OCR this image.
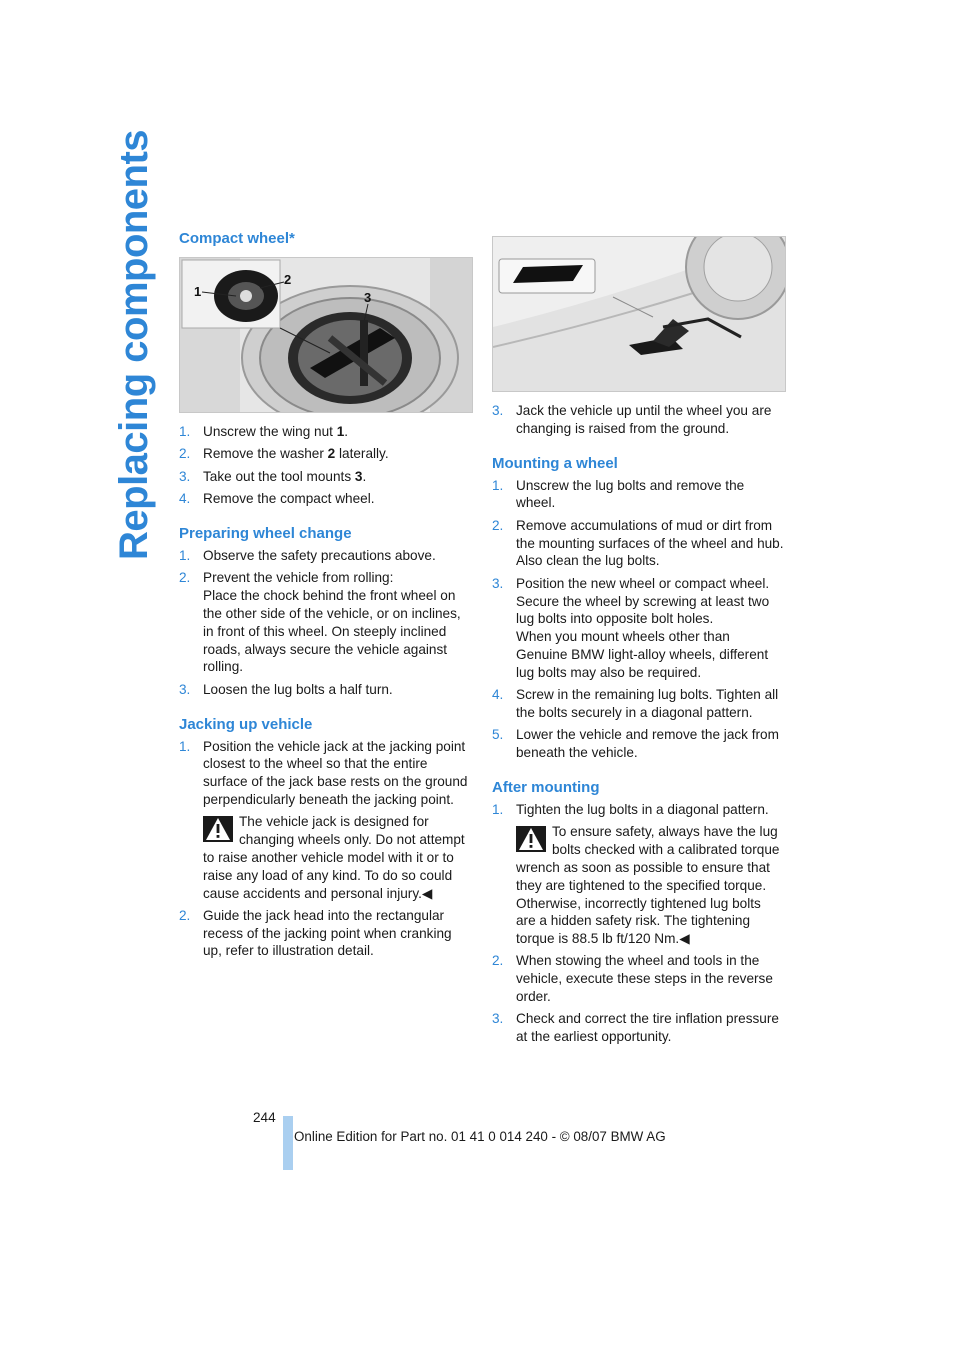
Replacing components Compact wheel*
1
2
3
1. Unscrew the wing nut 1.
2. Remove the washer 2 laterally.
3. Take out the tool mounts 3.
4. Remove the compact wheel.
Preparing wheel change
1. Observe the safety precautions above.
2. Prevent the vehicle from rolling:
Place the chock behind the front wheel on the other side of the vehicle, or on inclines, in front of this wheel. On steeply inclined roads, always secure the vehicle against rolling.
3. Loosen the lug bolts a half turn.
Jacking up vehicle
1. Position the vehicle jack at the jacking point closest to the wheel so that the entire surface of the jack base rests on the ground perpendicularly beneath the jacking point.
The vehicle jack is designed for changing wheels only. Do not attempt to raise another vehicle model with it or to raise any load of any kind. To do so could cause accidents and personal injury.◀
2. Guide the jack head into the rectangular recess of the jacking point when cranking up, refer to illustration detail.
3. Jack the vehicle up until the wheel you are changing is raised from the ground.
Mounting a wheel
1. Unscrew the lug bolts and remove the wheel.
2. Remove accumulations of mud or dirt from the mounting surfaces of the wheel and hub. Also clean the lug bolts.
3. Position the new wheel or compact wheel. Secure the wheel by screwing at least two lug bolts into opposite bolt holes.
When you mount wheels other than Genuine BMW light-alloy wheels, different lug bolts may also be required.
4. Screw in the remaining lug bolts. Tighten all the bolts securely in a diagonal pattern.
5. Lower the vehicle and remove the jack from beneath the vehicle.
After mounting
1. Tighten the lug bolts in a diagonal pattern.
To ensure safety, always have the lug bolts checked with a calibrated torque wrench as soon as possible to ensure that they are tightened to the specified torque. Otherwise, incorrectly tightened lug bolts are a hidden safety risk. The tightening torque is 88.5 lb ft/120 Nm.◀
2. When stowing the wheel and tools in the vehicle, execute these steps in the reverse order.
3. Check and correct the tire inflation pressure at the earliest opportunity.
244
Online Edition for Part no. 01 41 0 014 240 - © 08/07 BMW AG
